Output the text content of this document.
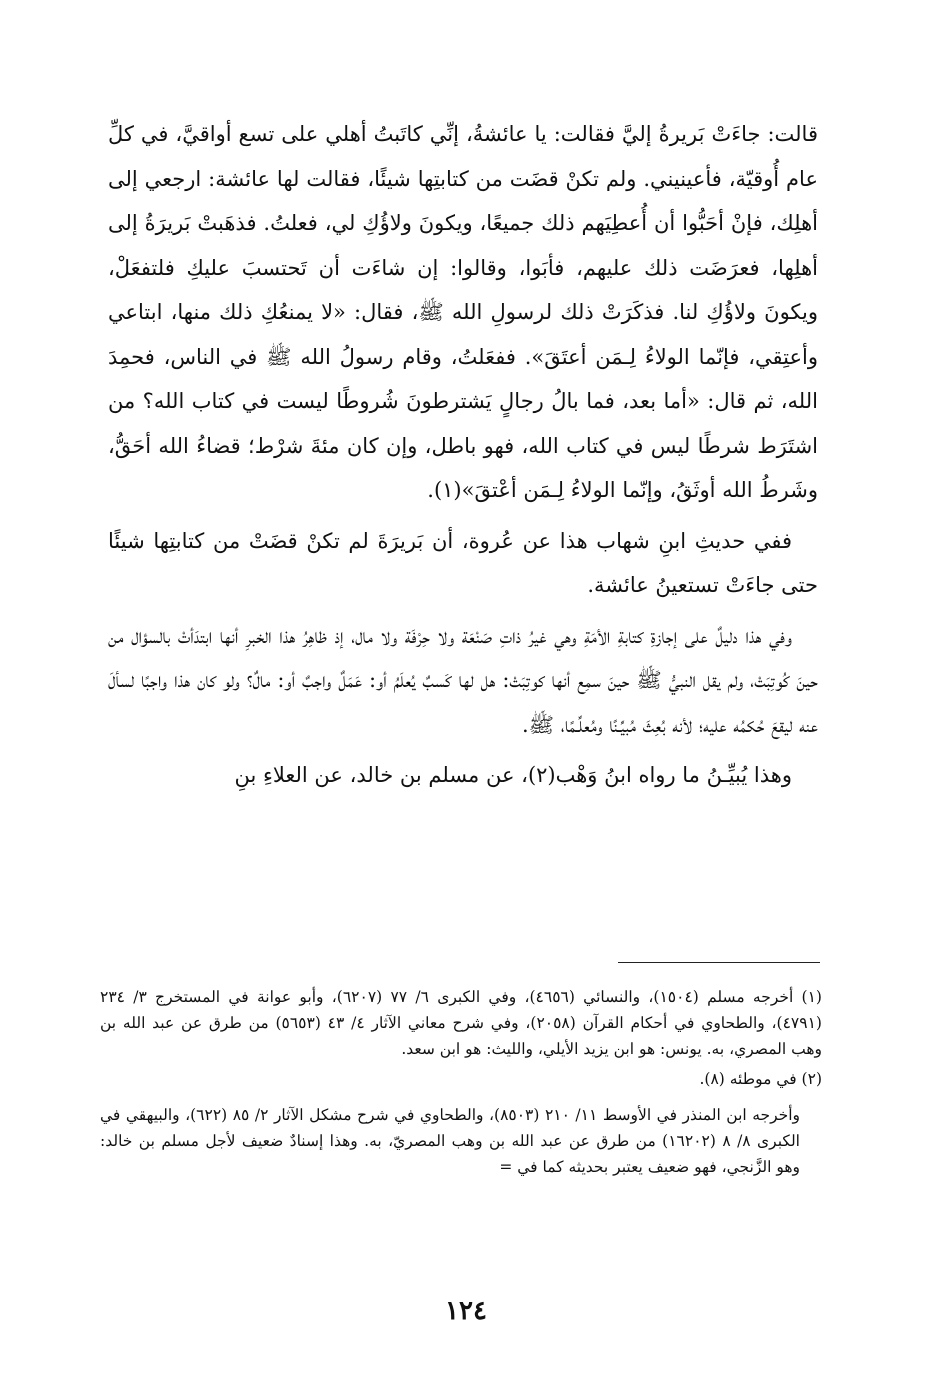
قالت: جاءَتْ بَريرةُ إليَّ فقالت: يا عائشةُ، إنِّي كاتَبتُ أهلي على تسع أواقيَّ، في كلِّ عام أُوقيّة، فأعينيني. ولم تكنْ قضَت من كتابتِها شيئًا، فقالت لها عائشة: ارجعي إلى أهلِك، فإنْ أحَبُّوا أن أُعطِيَهم ذلك جميعًا، ويكونَ ولاؤُكِ لي، فعلتُ. فذهَبتْ بَريرَةُ إلى أهلِها، فعرَضَت ذلك عليهم، فأبَوا، وقالوا: إن شاءَت أن تَحتسبَ عليكِ فلتفعَلْ، ويكونَ ولاؤُكِ لنا. فذكَرَتْ ذلك لرسولِ الله ﷺ، فقال: «لا يمنعُكِ ذلك منها، ابتاعي وأعتِقي، فإنّما الولاءُ لِـمَن أعتَقَ». ففعَلتُ، وقام رسولُ الله ﷺ في الناس، فحمِدَ الله، ثم قال: «أما بعد، فما بالُ رجالٍ يَشترطونَ شُروطًا ليست في كتاب الله؟ من اشتَرَط شرطًا ليس في كتاب الله، فهو باطل، وإن كان مئةَ شرْط؛ قضاءُ الله أحَقُّ، وشَرطُ الله أوثَقُ، وإنّما الولاءُ لِـمَن أعْتقَ»(١).

ففي حديثِ ابنِ شهاب هذا عن عُروة، أن بَريرَةَ لم تكنْ قضَتْ من كتابتِها شيئًا حتى جاءَتْ تستعينُ عائشة.

وفي هذا دليلٌ على إجازةِ كتابةِ الأمَةِ وهي غيرُ ذاتِ صَنْعَة ولا حِرْفَة ولا مال، إذ ظاهِرُ هذا الخبرِ أنها ابتدَأتْ بالسؤال من حينَ كُوتِبَتْ، ولم يقل النبيُّ ﷺ حينَ سمِع أنها كوتِبَتْ: هل لها كَسبٌ يُعلَمُ أو: عَمَلٌ واجبٌ أو: مالٌ؟ ولو كان هذا واجبًا لسألَ عنه ليقعَ حُكمُه عليه؛ لأنه بُعِثَ مُبيِّـنًا ومُعلِّـمًا، ﷺ.

وهذا يُبيِّـنُ ما رواه ابنُ وَهْب(٢)، عن مسلم بن خالد، عن العلاءِ بنِ

(١) أخرجه مسلم (١٥٠٤)، والنسائي (٤٦٥٦)، وفي الكبرى ٦/ ٧٧ (٦٢٠٧)، وأبو عوانة في المستخرج ٣/ ٢٣٤ (٤٧٩١)، والطحاوي في أحكام القرآن (٢٠٥٨)، وفي شرح معاني الآثار ٤/ ٤٣ (٥٦٥٣) من طرق عن عبد الله بن وهب المصري، به. يونس: هو ابن يزيد الأيلي، والليث: هو ابن سعد.

(٢) في موطئه (٨).

وأخرجه ابن المنذر في الأوسط ١١/ ٢١٠ (٨٥٠٣)، والطحاوي في شرح مشكل الآثار ٢/ ٨٥ (٦٢٢)، والبيهقي في الكبرى ٨/ ٨ (١٦٢٠٢) من طرق عن عبد الله بن وهب المصريّ، به. وهذا إسنادٌ ضعيف لأجل مسلم بن خالد: وهو الزَّنجي، فهو ضعيف يعتبر بحديثه كما في =

١٢٤
